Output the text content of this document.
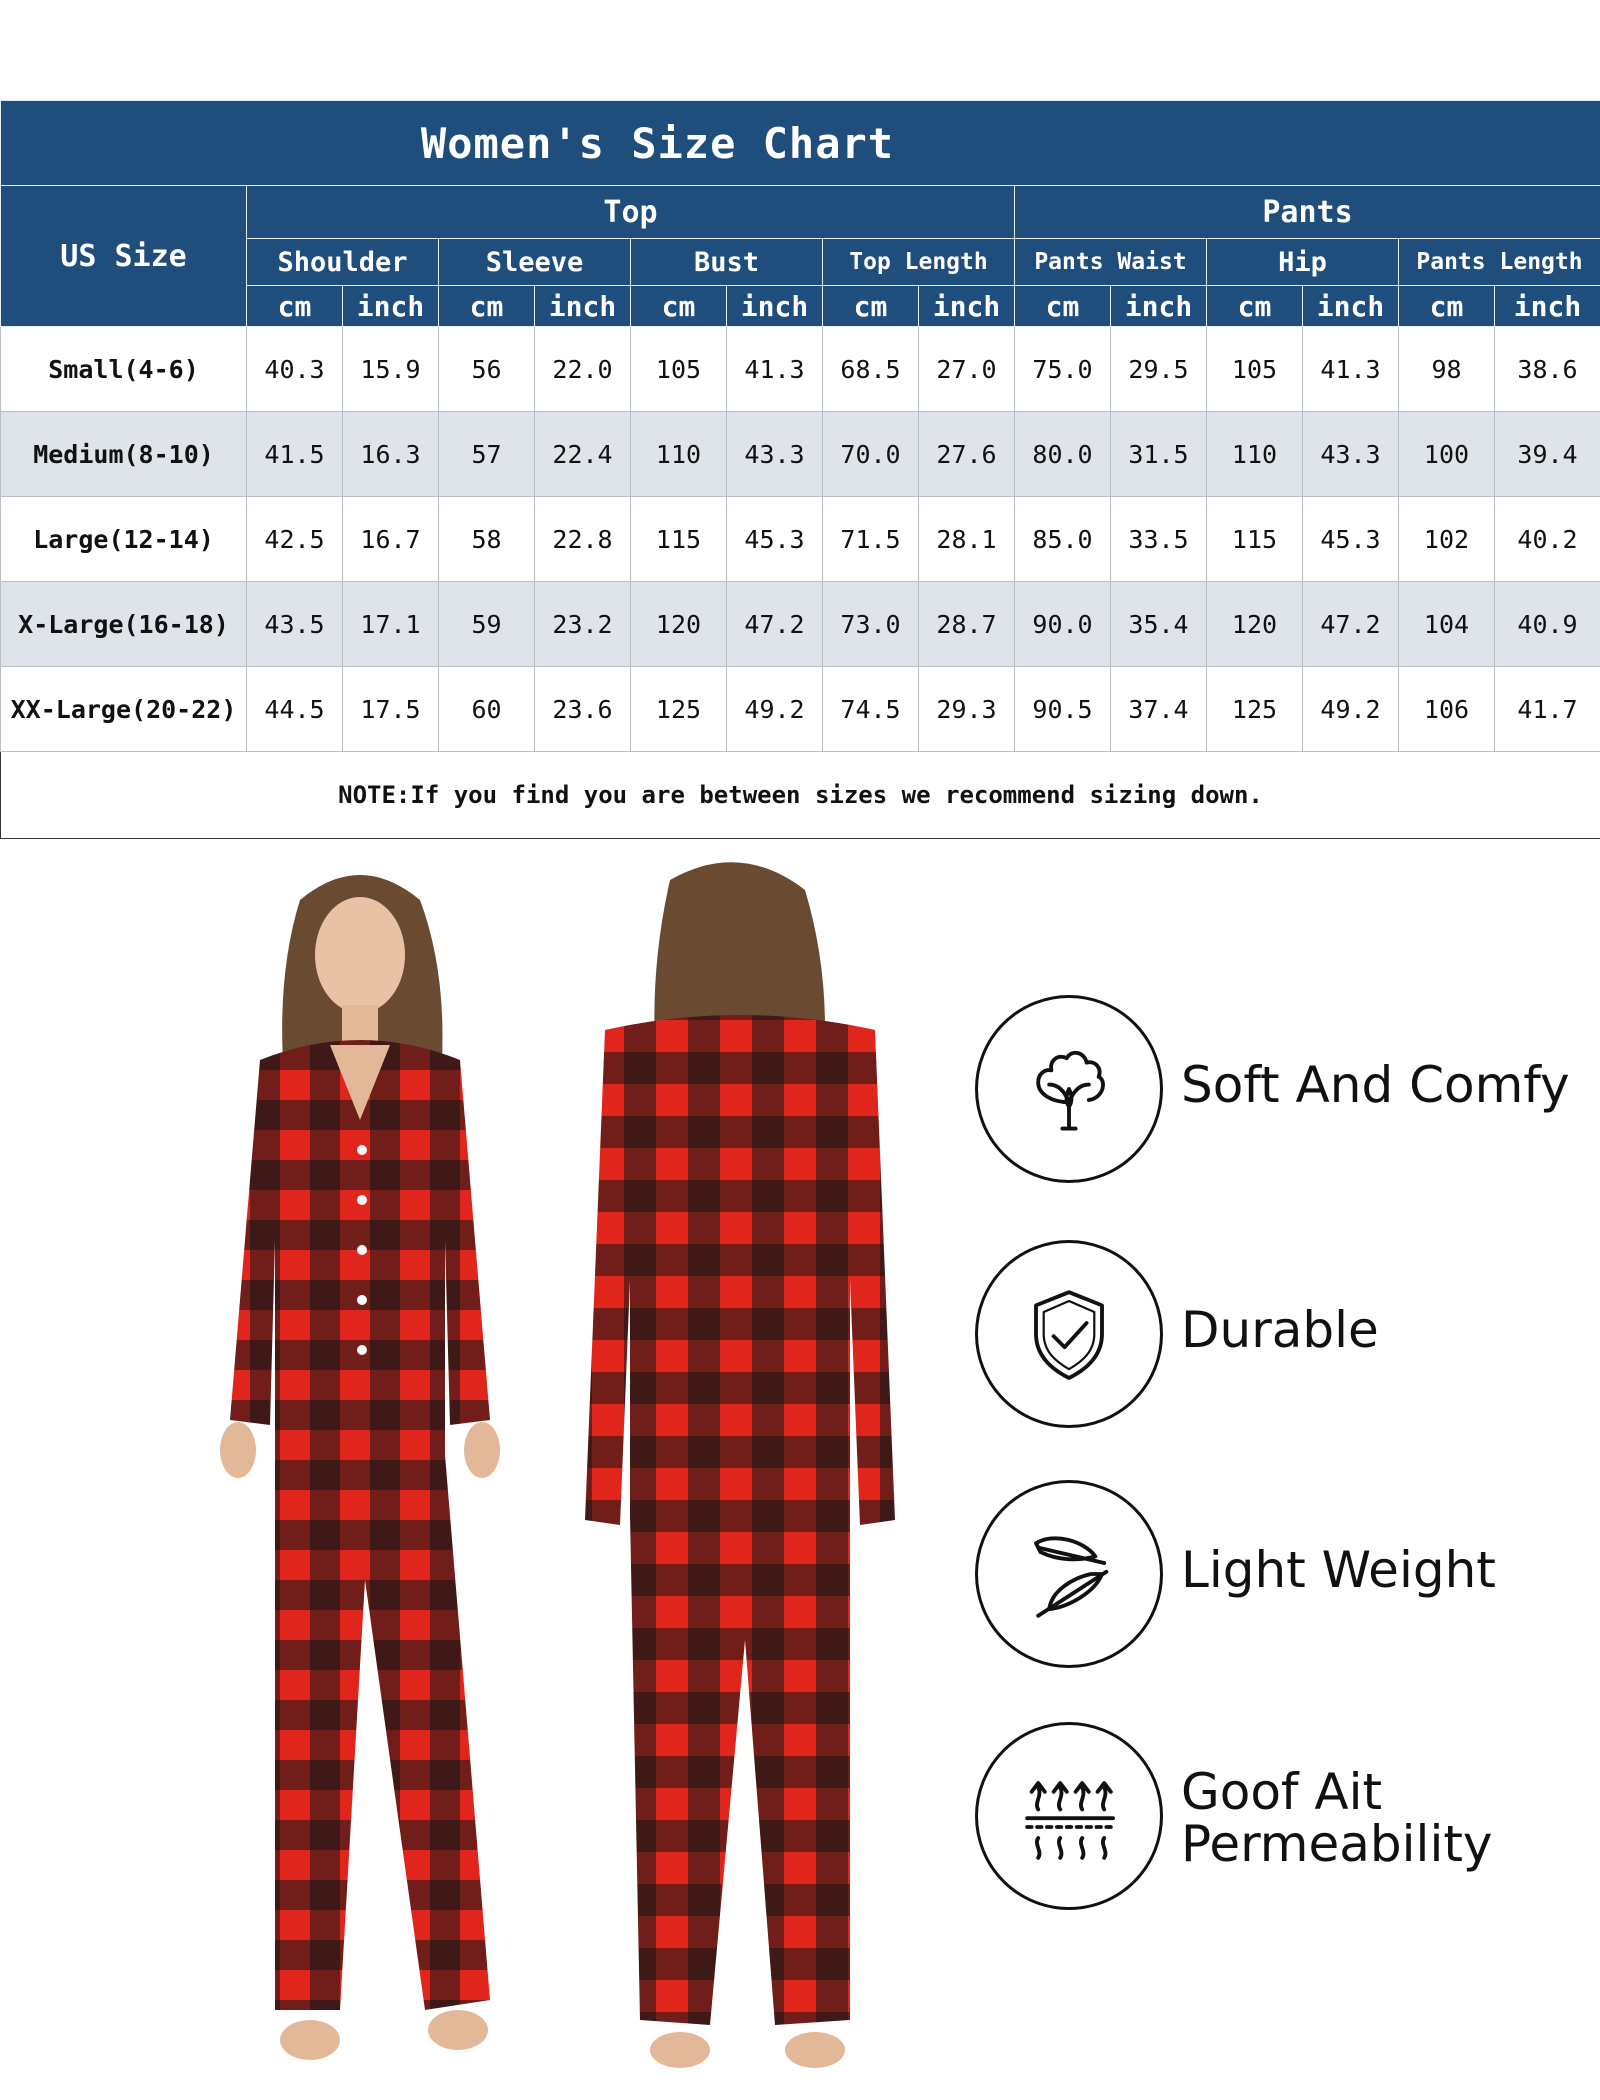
Women's Size Chart														
US Size	Top								Pants					
	Shoulder		Sleeve		Bust		Top Length		Pants Waist		Hip		Pants Length	
	cm	inch	cm	inch	cm	inch	cm	inch	cm	inch	cm	inch	cm	inch
Small(4-6)	40.3	15.9	56	22.0	105	41.3	68.5	27.0	75.0	29.5	105	41.3	98	38.6
Medium(8-10)	41.5	16.3	57	22.4	110	43.3	70.0	27.6	80.0	31.5	110	43.3	100	39.4
Large(12-14)	42.5	16.7	58	22.8	115	45.3	71.5	28.1	85.0	33.5	115	45.3	102	40.2
X-Large(16-18)	43.5	17.1	59	23.2	120	47.2	73.0	28.7	90.0	35.4	120	47.2	104	40.9
XX-Large(20-22)	44.5	17.5	60	23.6	125	49.2	74.5	29.3	90.5	37.4	125	49.2	106	41.7
NOTE:If you find you are between sizes we recommend sizing down.														
Soft And Comfy
Durable
Light Weight
Goof Ait
Permeability
